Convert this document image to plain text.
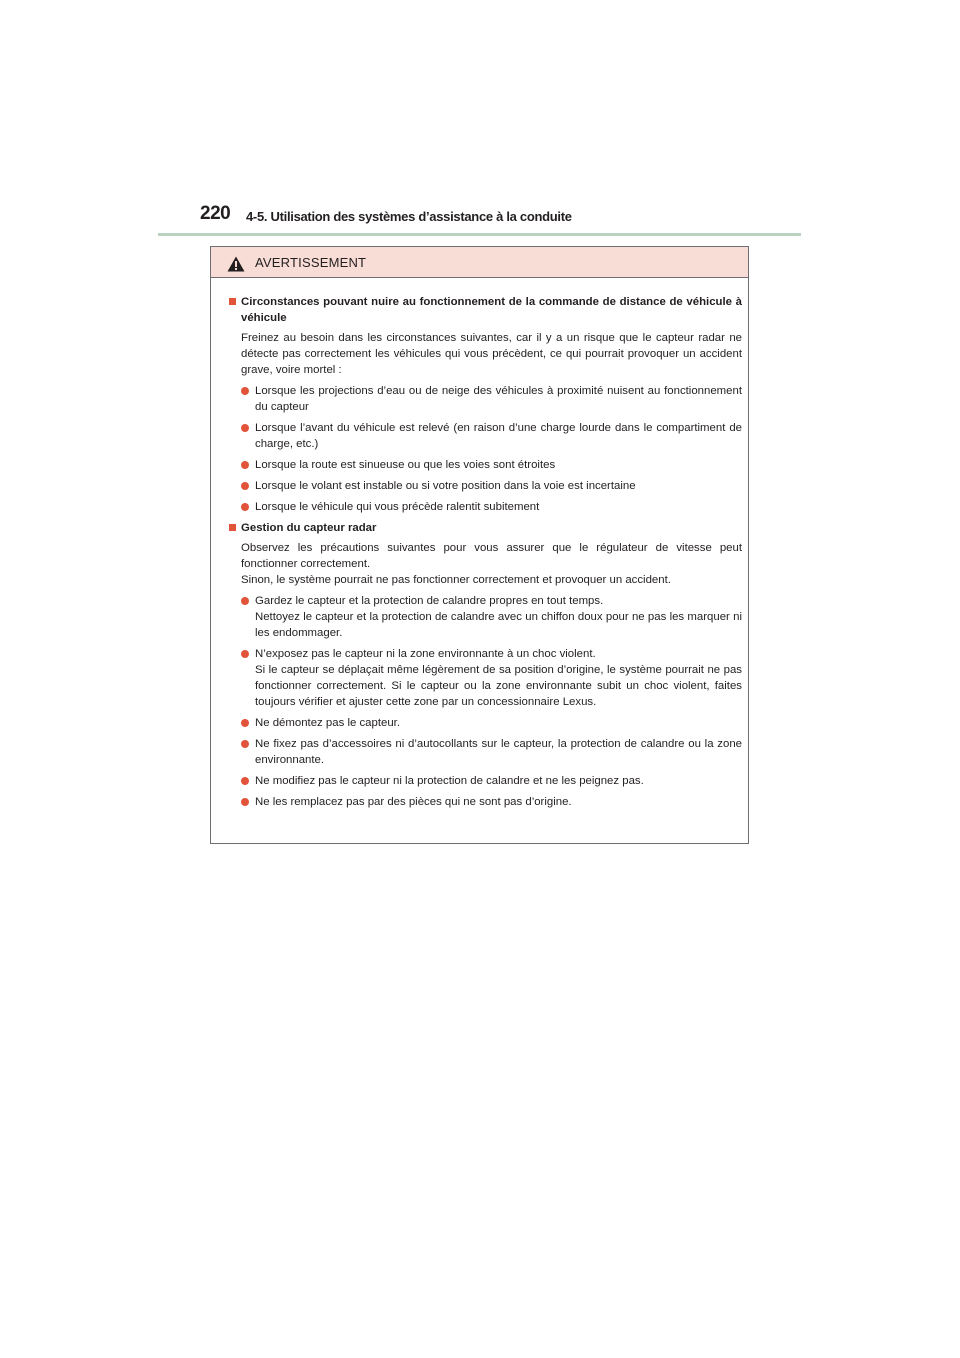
220 4-5. Utilisation des systèmes d’assistance à la conduite
AVERTISSEMENT
Circonstances pouvant nuire au fonctionnement de la commande de distance de véhicule à véhicule
Freinez au besoin dans les circonstances suivantes, car il y a un risque que le capteur radar ne détecte pas correctement les véhicules qui vous précèdent, ce qui pourrait provoquer un accident grave, voire mortel :
Lorsque les projections d’eau ou de neige des véhicules à proximité nuisent au fonctionnement du capteur
Lorsque l’avant du véhicule est relevé (en raison d’une charge lourde dans le compartiment de charge, etc.)
Lorsque la route est sinueuse ou que les voies sont étroites
Lorsque le volant est instable ou si votre position dans la voie est incertaine
Lorsque le véhicule qui vous précède ralentit subitement
Gestion du capteur radar
Observez les précautions suivantes pour vous assurer que le régulateur de vitesse peut fonctionner correctement.
Sinon, le système pourrait ne pas fonctionner correctement et provoquer un accident.
Gardez le capteur et la protection de calandre propres en tout temps.
Nettoyez le capteur et la protection de calandre avec un chiffon doux pour ne pas les marquer ni les endommager.
N’exposez pas le capteur ni la zone environnante à un choc violent.
Si le capteur se déplaçait même légèrement de sa position d’origine, le système pourrait ne pas fonctionner correctement. Si le capteur ou la zone environnante subit un choc violent, faites toujours vérifier et ajuster cette zone par un concessionnaire Lexus.
Ne démontez pas le capteur.
Ne fixez pas d’accessoires ni d’autocollants sur le capteur, la protection de calandre ou la zone environnante.
Ne modifiez pas le capteur ni la protection de calandre et ne les peignez pas.
Ne les remplacez pas par des pièces qui ne sont pas d’origine.
